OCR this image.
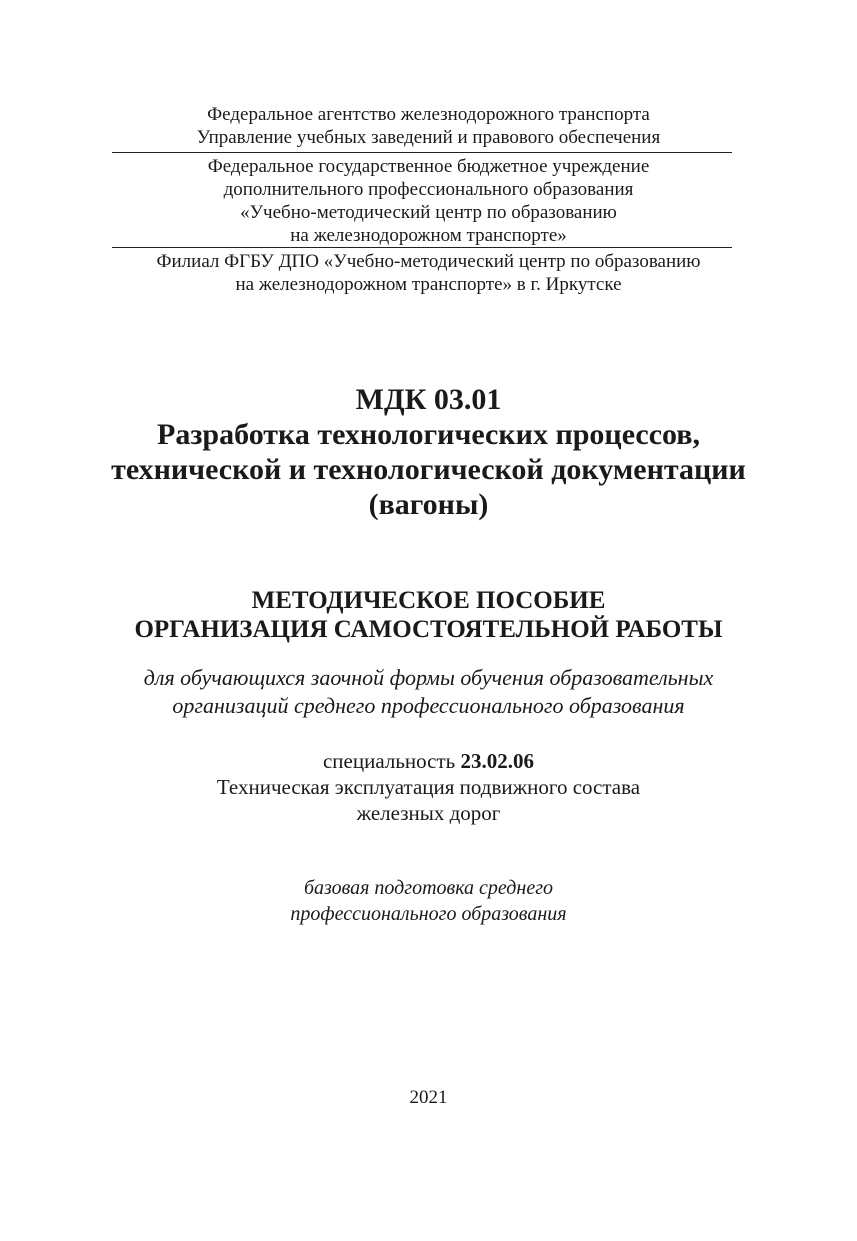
Федеральное агентство железнодорожного транспорта
Управление учебных заведений и правового обеспечения
Федеральное государственное бюджетное учреждение
дополнительного профессионального образования
«Учебно-методический центр по образованию
на железнодорожном транспорте»
Филиал ФГБУ ДПО «Учебно-методический центр по образованию
на железнодорожном транспорте» в г. Иркутске
МДК 03.01
Разработка технологических процессов,
технической и технологической документации
(вагоны)
МЕТОДИЧЕСКОЕ ПОСОБИЕ
ОРГАНИЗАЦИЯ САМОСТОЯТЕЛЬНОЙ РАБОТЫ
для обучающихся заочной формы обучения образовательных
организаций среднего профессионального образования
специальность 23.02.06
Техническая эксплуатация подвижного состава
железных дорог
базовая подготовка среднего
профессионального образования
2021
